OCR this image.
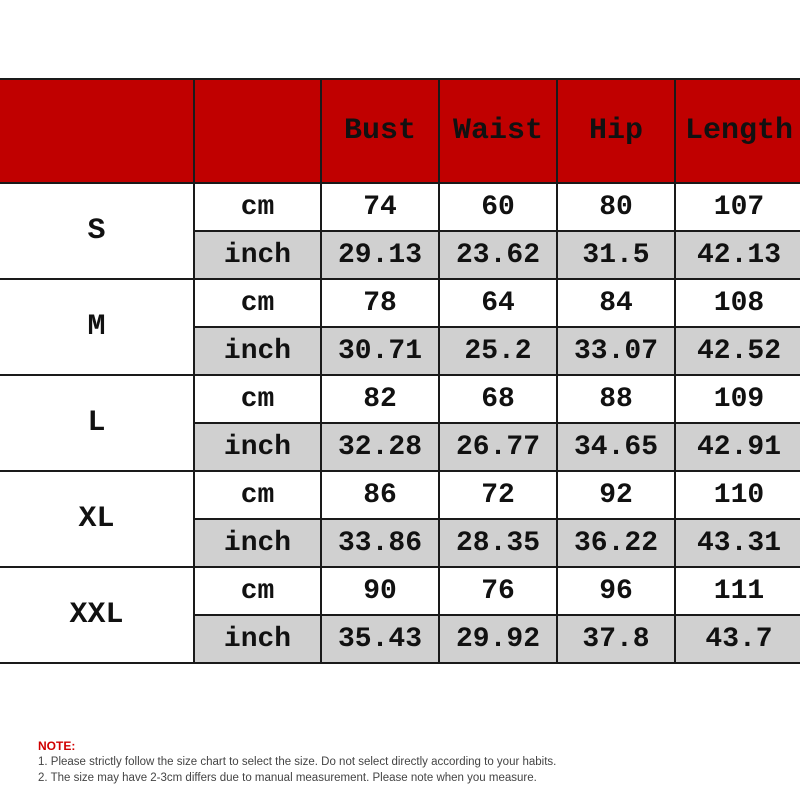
		Bust	Waist	Hip	Length
S	cm	74	60	80	107
	inch	29.13	23.62	31.5	42.13
M	cm	78	64	84	108
	inch	30.71	25.2	33.07	42.52
L	cm	82	68	88	109
	inch	32.28	26.77	34.65	42.91
XL	cm	86	72	92	110
	inch	33.86	28.35	36.22	43.31
XXL	cm	90	76	96	111
	inch	35.43	29.92	37.8	43.7
NOTE:
1. Please strictly follow the size chart to select the size. Do not select directly according to your habits.
2. The size may have 2-3cm differs due to manual measurement. Please note when you measure.
